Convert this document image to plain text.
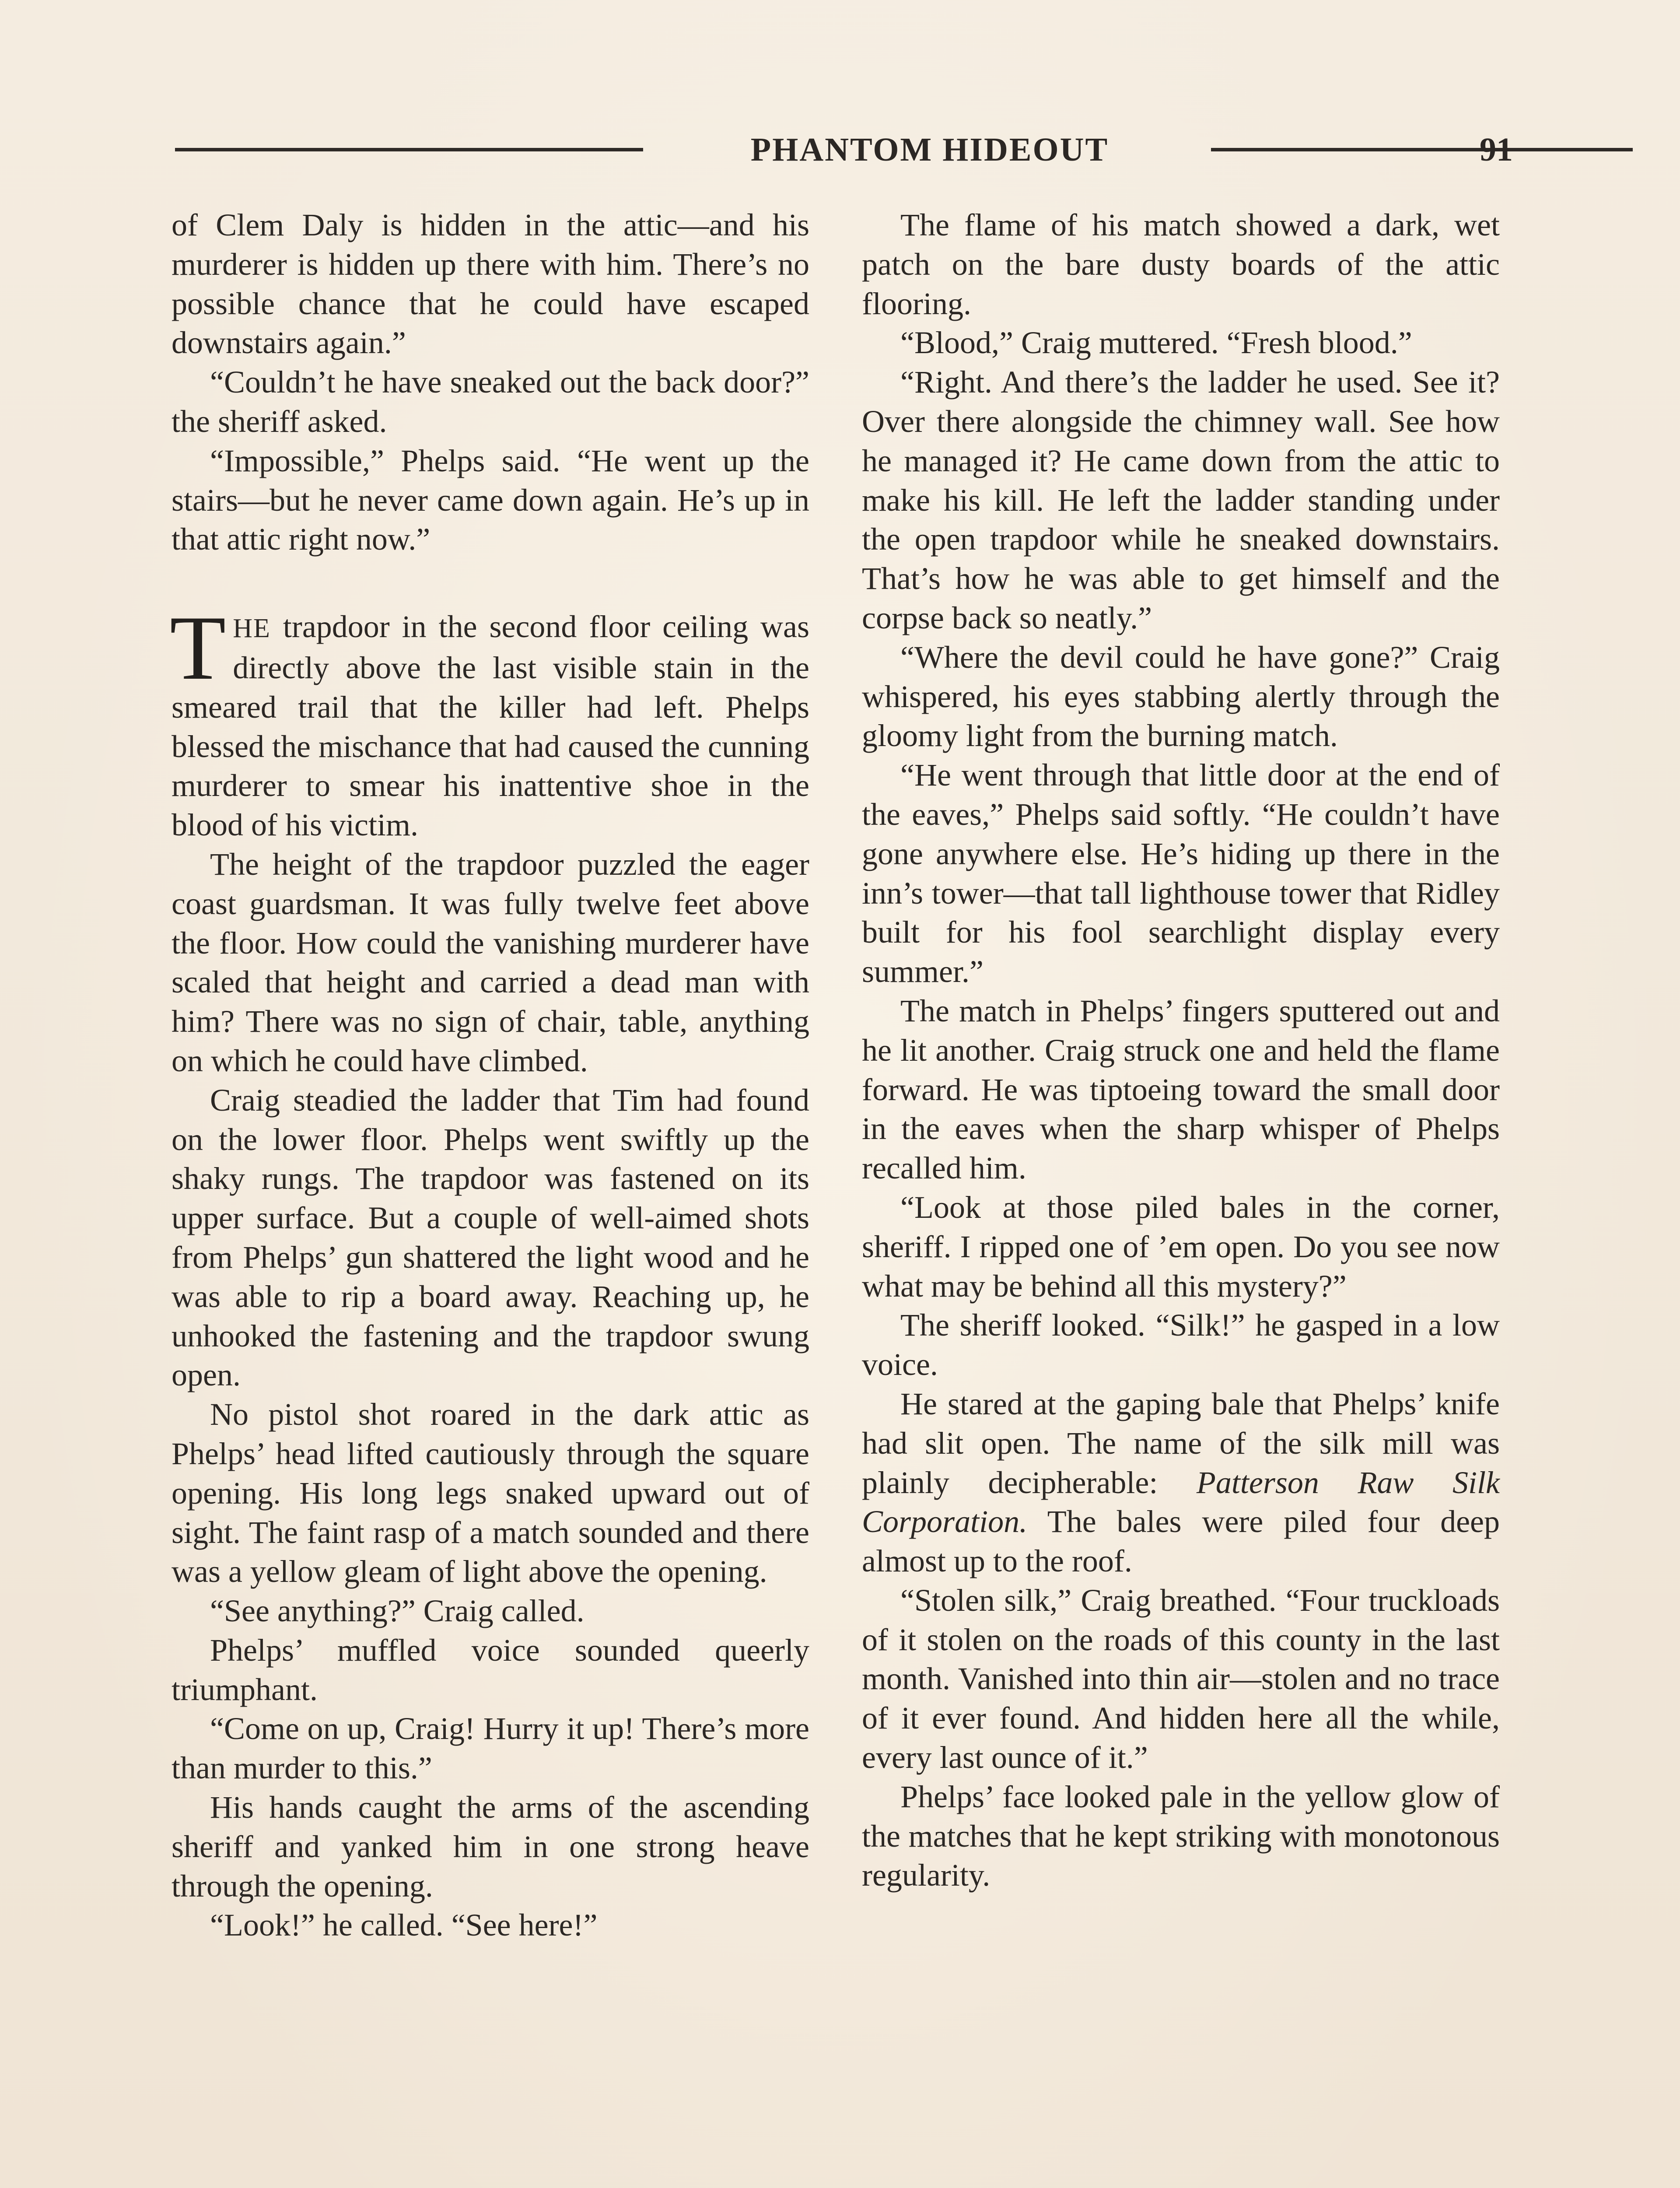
PHANTOM HIDEOUT	91

of Clem Daly is hidden in the attic—and his murderer is hidden up there with him. There’s no possible chance that he could have escaped downstairs again.”

“Couldn’t he have sneaked out the back door?” the sheriff asked.

“Impossible,” Phelps said. “He went up the stairs—but he never came down again. He’s up in that attic right now.”

THE trapdoor in the second floor ceiling was directly above the last visible stain in the smeared trail that the killer had left. Phelps blessed the mischance that had caused the cunning murderer to smear his inattentive shoe in the blood of his victim.

The height of the trapdoor puzzled the eager coast guardsman. It was fully twelve feet above the floor. How could the vanishing murderer have scaled that height and carried a dead man with him? There was no sign of chair, table, anything on which he could have climbed.

Craig steadied the ladder that Tim had found on the lower floor. Phelps went swiftly up the shaky rungs. The trapdoor was fastened on its upper surface. But a couple of well-aimed shots from Phelps’ gun shattered the light wood and he was able to rip a board away. Reaching up, he unhooked the fastening and the trapdoor swung open.

No pistol shot roared in the dark attic as Phelps’ head lifted cautiously through the square opening. His long legs snaked upward out of sight. The faint rasp of a match sounded and there was a yellow gleam of light above the opening.

“See anything?” Craig called.

Phelps’ muffled voice sounded queerly triumphant.

“Come on up, Craig! Hurry it up! There’s more than murder to this.”

His hands caught the arms of the ascending sheriff and yanked him in one strong heave through the opening.

“Look!” he called. “See here!”

The flame of his match showed a dark, wet patch on the bare dusty boards of the attic flooring.

“Blood,” Craig muttered. “Fresh blood.”

“Right. And there’s the ladder he used. See it? Over there alongside the chimney wall. See how he managed it? He came down from the attic to make his kill. He left the ladder standing under the open trapdoor while he sneaked downstairs. That’s how he was able to get himself and the corpse back so neatly.”

“Where the devil could he have gone?” Craig whispered, his eyes stabbing alertly through the gloomy light from the burning match.

“He went through that little door at the end of the eaves,” Phelps said softly. “He couldn’t have gone anywhere else. He’s hiding up there in the inn’s tower—that tall lighthouse tower that Ridley built for his fool searchlight display every summer.”

The match in Phelps’ fingers sputtered out and he lit another. Craig struck one and held the flame forward. He was tiptoeing toward the small door in the eaves when the sharp whisper of Phelps recalled him.

“Look at those piled bales in the corner, sheriff. I ripped one of ’em open. Do you see now what may be behind all this mystery?”

The sheriff looked. “Silk!” he gasped in a low voice.

He stared at the gaping bale that Phelps’ knife had slit open. The name of the silk mill was plainly decipherable: Patterson Raw Silk Corporation. The bales were piled four deep almost up to the roof.

“Stolen silk,” Craig breathed. “Four truckloads of it stolen on the roads of this county in the last month. Vanished into thin air—stolen and no trace of it ever found. And hidden here all the while, every last ounce of it.”

Phelps’ face looked pale in the yellow glow of the matches that he kept striking with monotonous regularity.
